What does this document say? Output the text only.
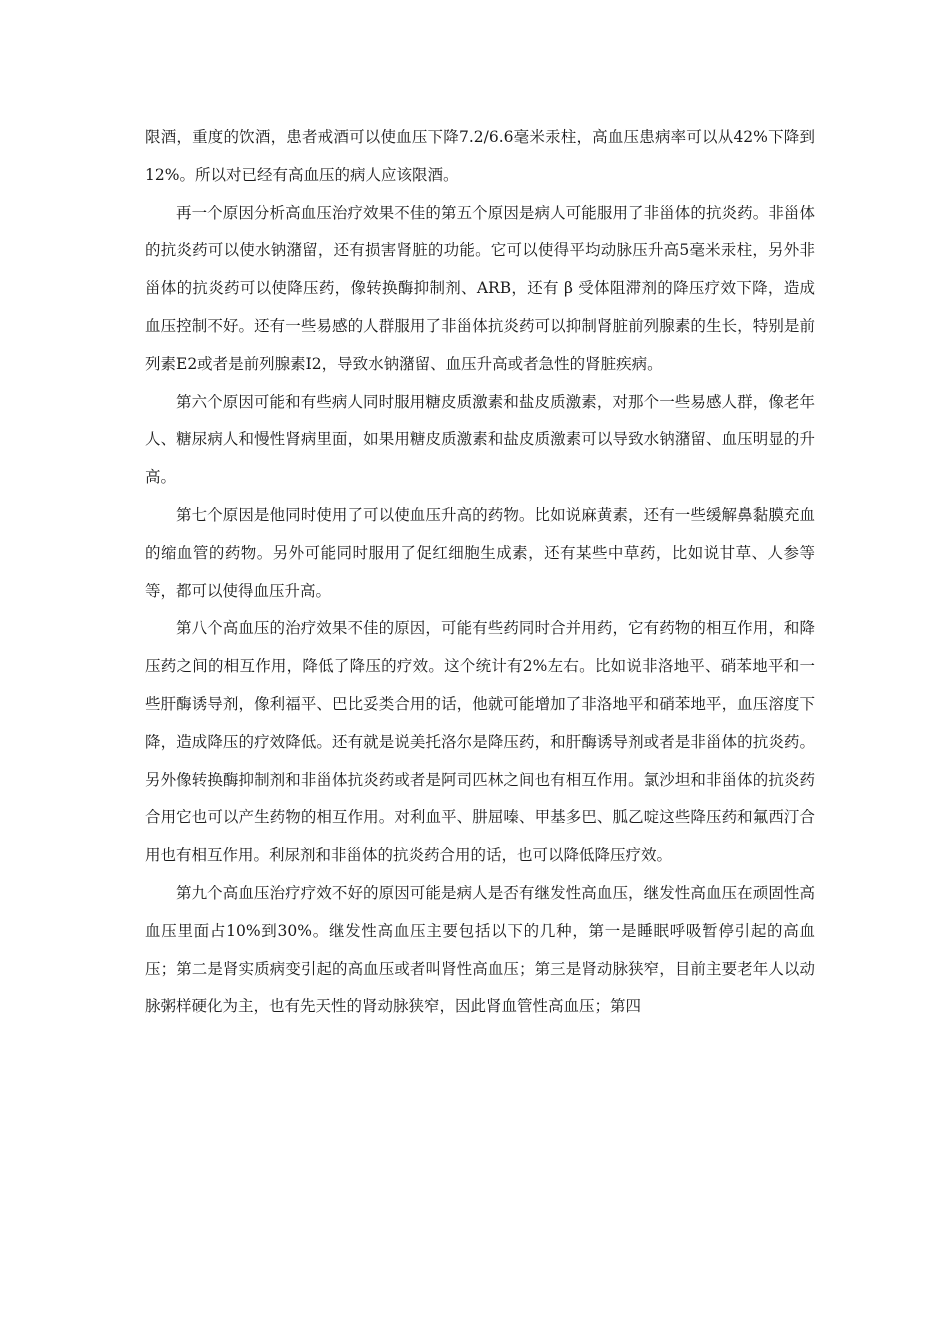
限酒，重度的饮酒，患者戒酒可以使血压下降7.2/6.6毫米汞柱，高血压患病率可以从42%下降到12%。所以对已经有高血压的病人应该限酒。

再一个原因分析高血压治疗效果不佳的第五个原因是病人可能服用了非甾体的抗炎药。非甾体的抗炎药可以使水钠潴留，还有损害肾脏的功能。它可以使得平均动脉压升高5毫米汞柱，另外非甾体的抗炎药可以使降压药，像转换酶抑制剂、ARB，还有 β 受体阻滞剂的降压疗效下降，造成血压控制不好。还有一些易感的人群服用了非甾体抗炎药可以抑制肾脏前列腺素的生长，特别是前列素E2或者是前列腺素I2，导致水钠潴留、血压升高或者急性的肾脏疾病。

第六个原因可能和有些病人同时服用糖皮质激素和盐皮质激素，对那个一些易感人群，像老年人、糖尿病人和慢性肾病里面，如果用糖皮质激素和盐皮质激素可以导致水钠潴留、血压明显的升高。

第七个原因是他同时使用了可以使血压升高的药物。比如说麻黄素，还有一些缓解鼻黏膜充血的缩血管的药物。另外可能同时服用了促红细胞生成素，还有某些中草药，比如说甘草、人参等等，都可以使得血压升高。

第八个高血压的治疗效果不佳的原因，可能有些药同时合并用药，它有药物的相互作用，和降压药之间的相互作用，降低了降压的疗效。这个统计有2%左右。比如说非洛地平、硝苯地平和一些肝酶诱导剂，像利福平、巴比妥类合用的话，他就可能增加了非洛地平和硝苯地平，血压溶度下降，造成降压的疗效降低。还有就是说美托洛尔是降压药，和肝酶诱导剂或者是非甾体的抗炎药。另外像转换酶抑制剂和非甾体抗炎药或者是阿司匹林之间也有相互作用。氯沙坦和非甾体的抗炎药合用它也可以产生药物的相互作用。对利血平、肼屈嗪、甲基多巴、胍乙啶这些降压药和氟西汀合用也有相互作用。利尿剂和非甾体的抗炎药合用的话，也可以降低降压疗效。

第九个高血压治疗疗效不好的原因可能是病人是否有继发性高血压，继发性高血压在顽固性高血压里面占10%到30%。继发性高血压主要包括以下的几种，第一是睡眠呼吸暂停引起的高血压；第二是肾实质病变引起的高血压或者叫肾性高血压；第三是肾动脉狭窄，目前主要老年人以动脉粥样硬化为主，也有先天性的肾动脉狭窄，因此肾血管性高血压；第四
